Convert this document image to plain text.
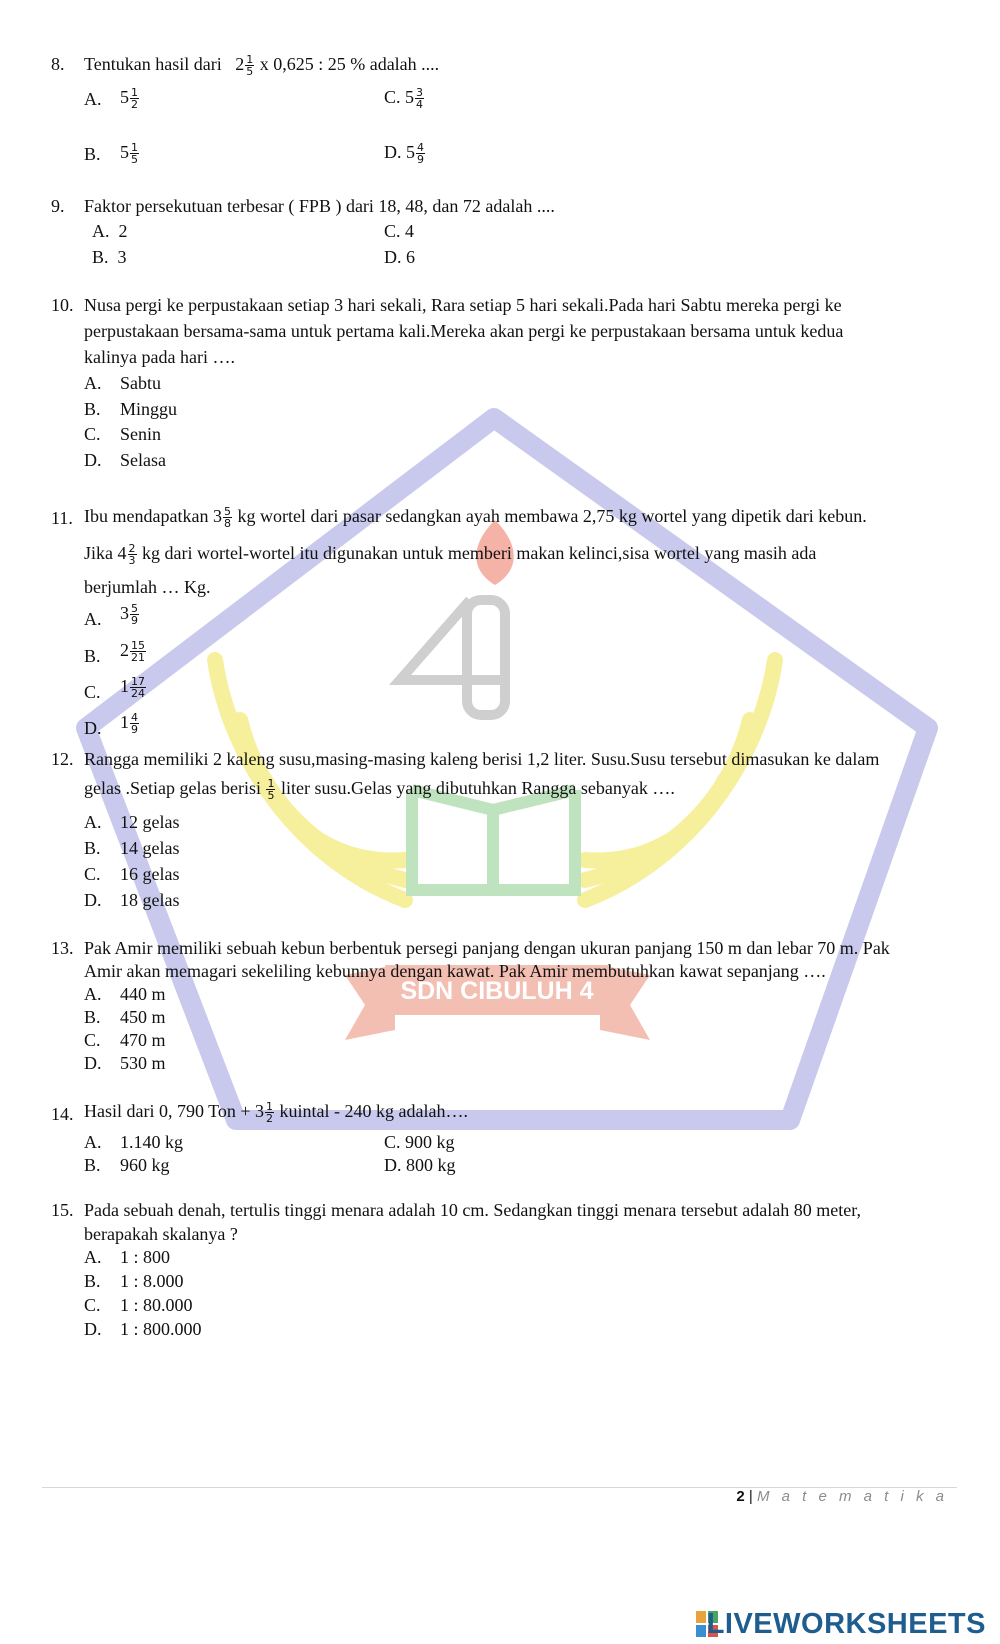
SDN CIBULUH 4
8. Tentukan hasil dari $2 \frac{1}{5}$ x 0,625 : 25 % adalah ....
A. $5 \frac{1}{2}$	C. $5 \frac{3}{4}$
B. $5 \frac{1}{5}$	D. $5 \frac{4}{9}$
9. Faktor persekutuan terbesar ( FPB ) dari 18, 48, dan 72 adalah ....
A. 2	C. 4
B. 3	D. 6
10. Nusa pergi ke perpustakaan setiap 3 hari sekali, Rara setiap 5 hari sekali.Pada hari Sabtu mereka pergi ke
perpustakaan bersama-sama untuk pertama kali.Mereka akan pergi ke perpustakaan bersama untuk kedua
kalinya pada hari ….
A. Sabtu
B. Minggu
C. Senin
D. Selasa
11. Ibu mendapatkan $3 \frac{5}{8}$ kg wortel dari pasar sedangkan ayah membawa 2,75 kg wortel yang dipetik dari kebun.
Jika $4 \frac{2}{3}$ kg dari wortel-wortel itu digunakan untuk memberi makan kelinci,sisa wortel yang masih ada
berjumlah … Kg.
A. $3 \frac{5}{9}$
B. $2 \frac{15}{21}$
C. $1 \frac{17}{24}$
D. $1 \frac{4}{9}$
12. Rangga memiliki 2 kaleng susu,masing-masing kaleng berisi 1,2 liter. Susu.Susu tersebut dimasukan ke dalam
gelas .Setiap gelas berisi $\frac{1}{5}$ liter susu.Gelas yang dibutuhkan Rangga sebanyak ….
A. 12 gelas
B. 14 gelas
C. 16 gelas
D. 18 gelas
13. Pak Amir memiliki sebuah kebun berbentuk persegi panjang dengan ukuran panjang 150 m dan lebar 70 m. Pak
Amir akan memagari sekeliling kebunnya dengan kawat. Pak Amir membutuhkan kawat sepanjang ….
A. 440 m
B. 450 m
C. 470 m
D. 530 m
14. Hasil dari 0, 790 Ton + $3 \frac{1}{2}$ kuintal - 240 kg adalah….
A. 1.140 kg	C. 900 kg
B. 960 kg	D. 800 kg
15. Pada sebuah denah, tertulis tinggi menara adalah 10 cm. Sedangkan tinggi menara tersebut adalah 80 meter,
berapakah skalanya ?
A. 1 : 800
B. 1 : 8.000
C. 1 : 80.000
D. 1 : 800.000
2 | M a t e m a t i k a
LIVEWORKSHEETS
